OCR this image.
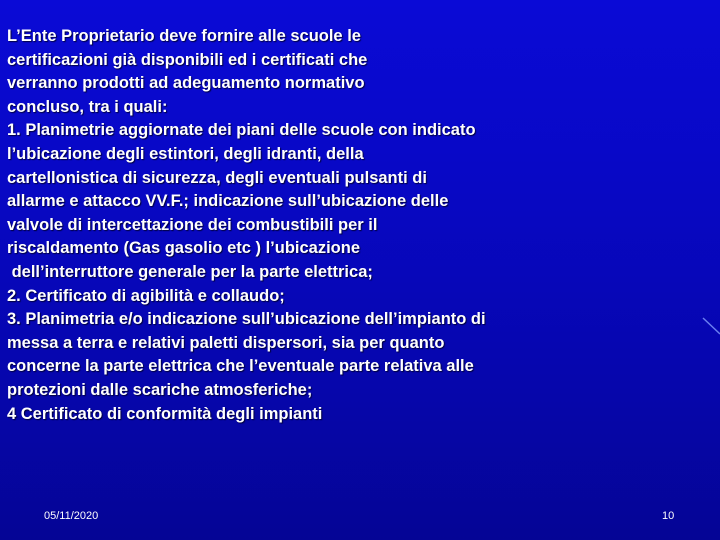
L’Ente Proprietario deve fornire alle scuole le

certificazioni già disponibili ed i certificati che

verranno prodotti ad adeguamento normativo

concluso, tra i quali:

1. Planimetrie aggiornate dei piani delle scuole con indicato

l’ubicazione degli estintori, degli idranti, della

cartellonistica di sicurezza, degli eventuali pulsanti di

allarme e attacco VV.F.; indicazione sull’ubicazione delle

valvole di intercettazione dei combustibili per il

riscaldamento (Gas gasolio etc ) l’ubicazione

dell’interruttore generale per la parte elettrica;

2. Certificato di agibilità e collaudo;

3. Planimetria e/o indicazione sull’ubicazione dell’impianto di

messa a terra e relativi paletti dispersori, sia per quanto

concerne la parte elettrica che l’eventuale parte relativa alle

protezioni dalle scariche atmosferiche;

4 Certificato di conformità degli impianti

05/11/2020	10
